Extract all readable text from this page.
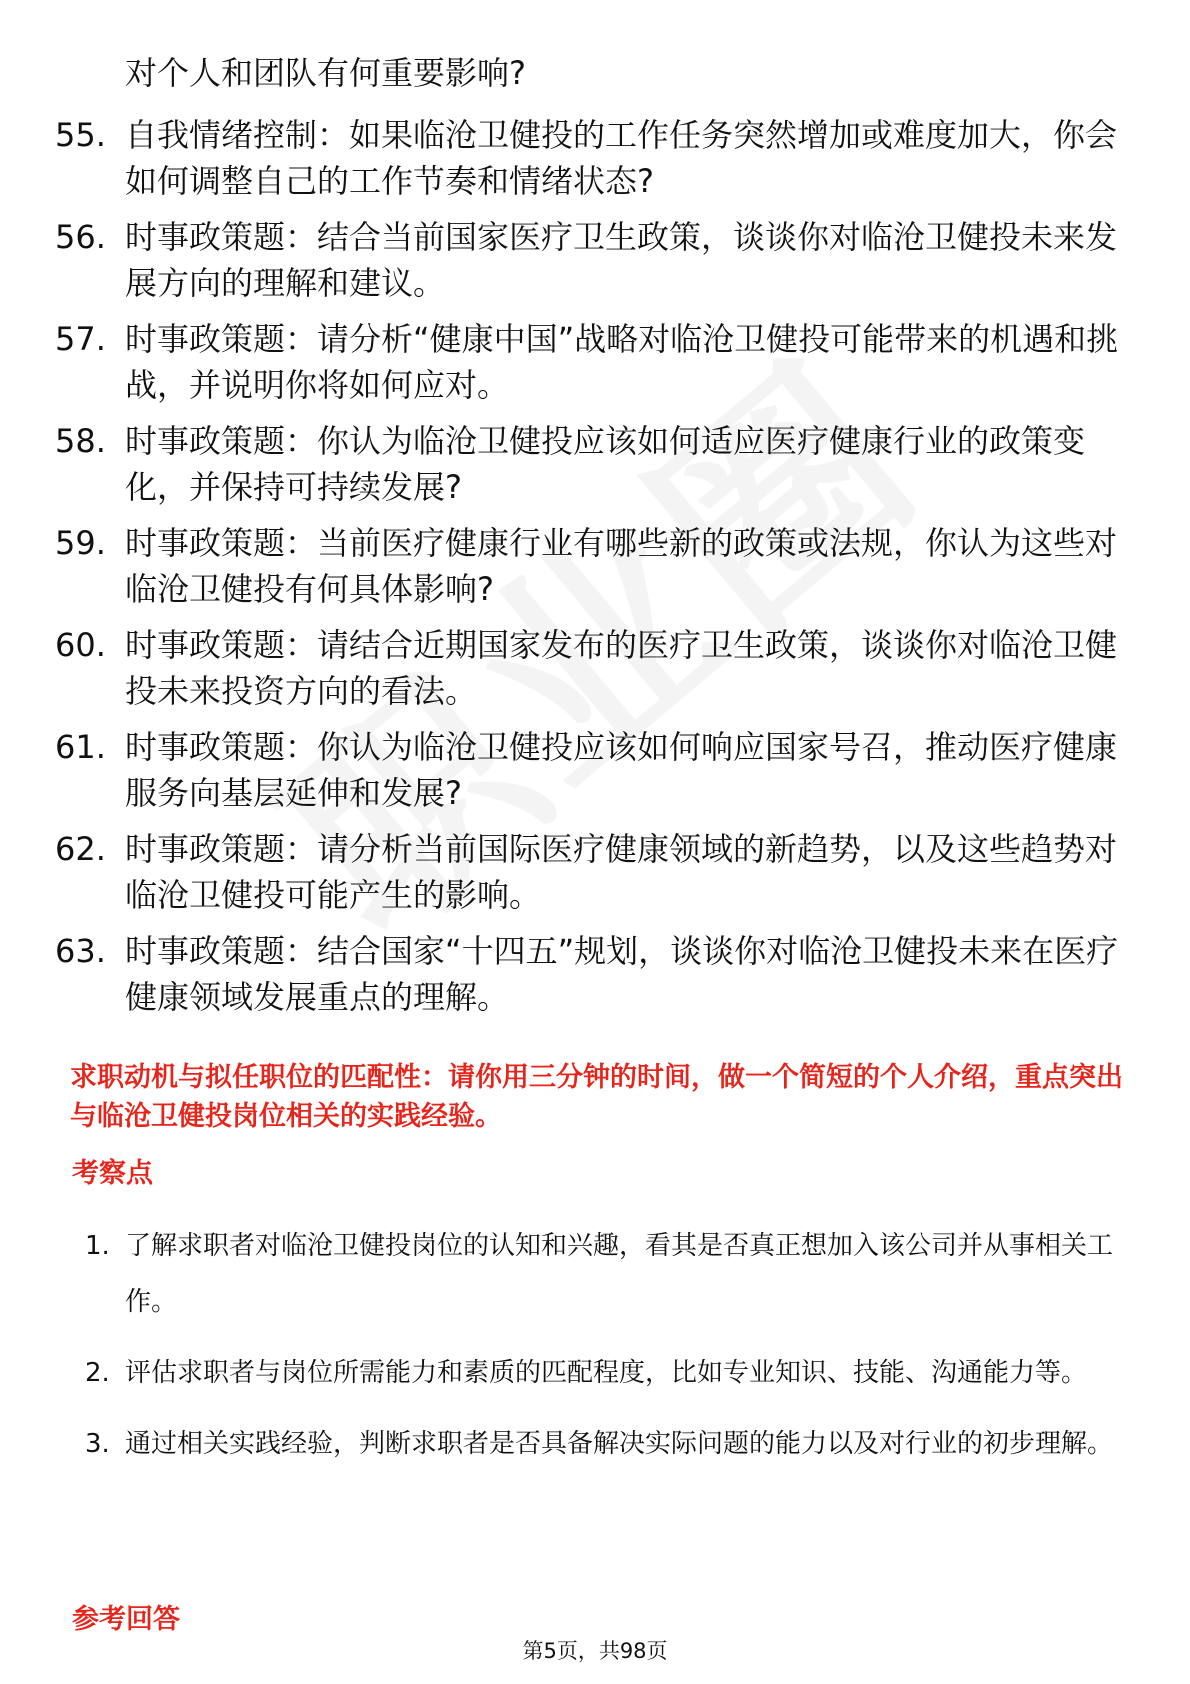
对个人和团队有何重要影响?
55. 自我情绪控制：如果临沧卫健投的工作任务突然增加或难度加大，你会如何调整自己的工作节奏和情绪状态?
56. 时事政策题：结合当前国家医疗卫生政策，谈谈你对临沧卫健投未来发展方向的理解和建议。
57. 时事政策题：请分析“健康中国”战略对临沧卫健投可能带来的机遇和挑战，并说明你将如何应对。
58. 时事政策题：你认为临沧卫健投应该如何适应医疗健康行业的政策变化，并保持可持续发展?
59. 时事政策题：当前医疗健康行业有哪些新的政策或法规，你认为这些对临沧卫健投有何具体影响?
60. 时事政策题：请结合近期国家发布的医疗卫生政策，谈谈你对临沧卫健投未来投资方向的看法。
61. 时事政策题：你认为临沧卫健投应该如何响应国家号召，推动医疗健康服务向基层延伸和发展?
62. 时事政策题：请分析当前国际医疗健康领域的新趋势，以及这些趋势对临沧卫健投可能产生的影响。
63. 时事政策题：结合国家“十四五”规划，谈谈你对临沧卫健投未来在医疗健康领域发展重点的理解。
求职动机与拟任职位的匹配性：请你用三分钟的时间，做一个简短的个人介绍，重点突出与临沧卫健投岗位相关的实践经验。
考察点
1. 了解求职者对临沧卫健投岗位的认知和兴趣，看其是否真正想加入该公司并从事相关工作。
2. 评估求职者与岗位所需能力和素质的匹配程度，比如专业知识、技能、沟通能力等。
3. 通过相关实践经验，判断求职者是否具备解决实际问题的能力以及对行业的初步理解。
参考回答
第5页，共98页
